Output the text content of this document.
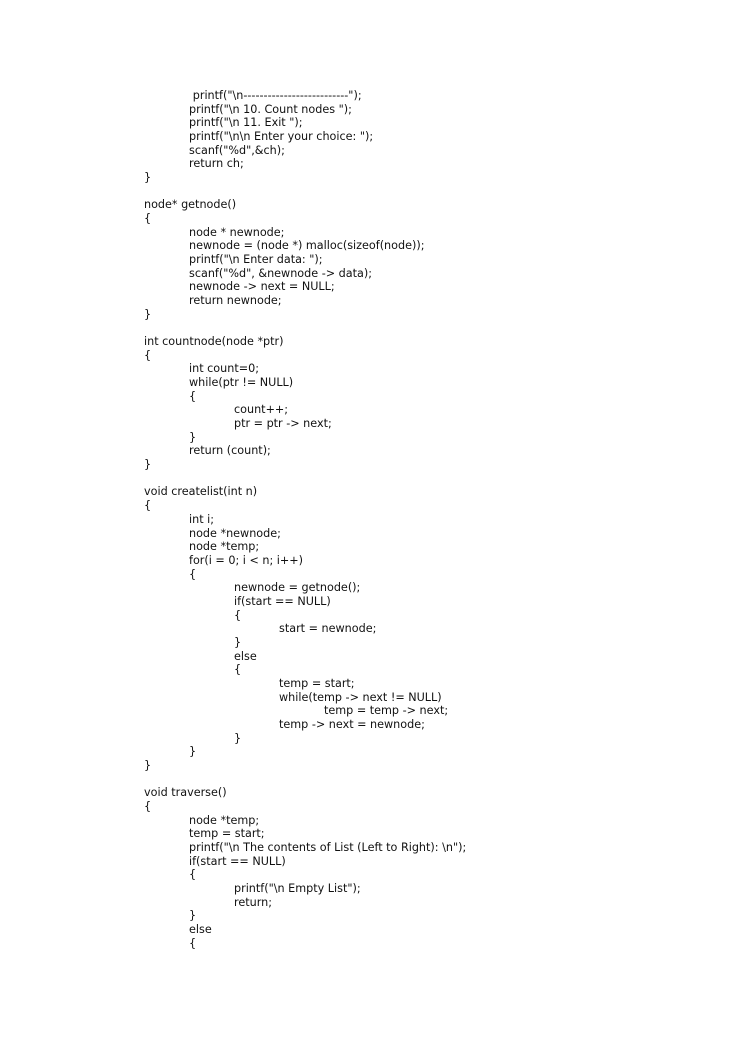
printf("\n--------------------------");
printf("\n 10. Count nodes ");
printf("\n 11. Exit ");
printf("\n\n Enter your choice: ");
scanf("%d",&ch);
return ch;
}
node* getnode()
{
node * newnode;
newnode = (node *) malloc(sizeof(node));
printf("\n Enter data: ");
scanf("%d", &newnode -> data);
newnode -> next = NULL;
return newnode;
}
int countnode(node *ptr)
{
int count=0;
while(ptr != NULL)
{
count++;
ptr = ptr -> next;
}
return (count);
}
void createlist(int n)
{
int i;
node *newnode;
node *temp;
for(i = 0; i < n; i++)
{
newnode = getnode();
if(start == NULL)
{
start = newnode;
}
else
{
temp = start;
while(temp -> next != NULL)
temp = temp -> next;
temp -> next = newnode;
}
}
}
void traverse()
{
node *temp;
temp = start;
printf("\n The contents of List (Left to Right): \n");
if(start == NULL)
{
printf("\n Empty List");
return;
}
else
{
